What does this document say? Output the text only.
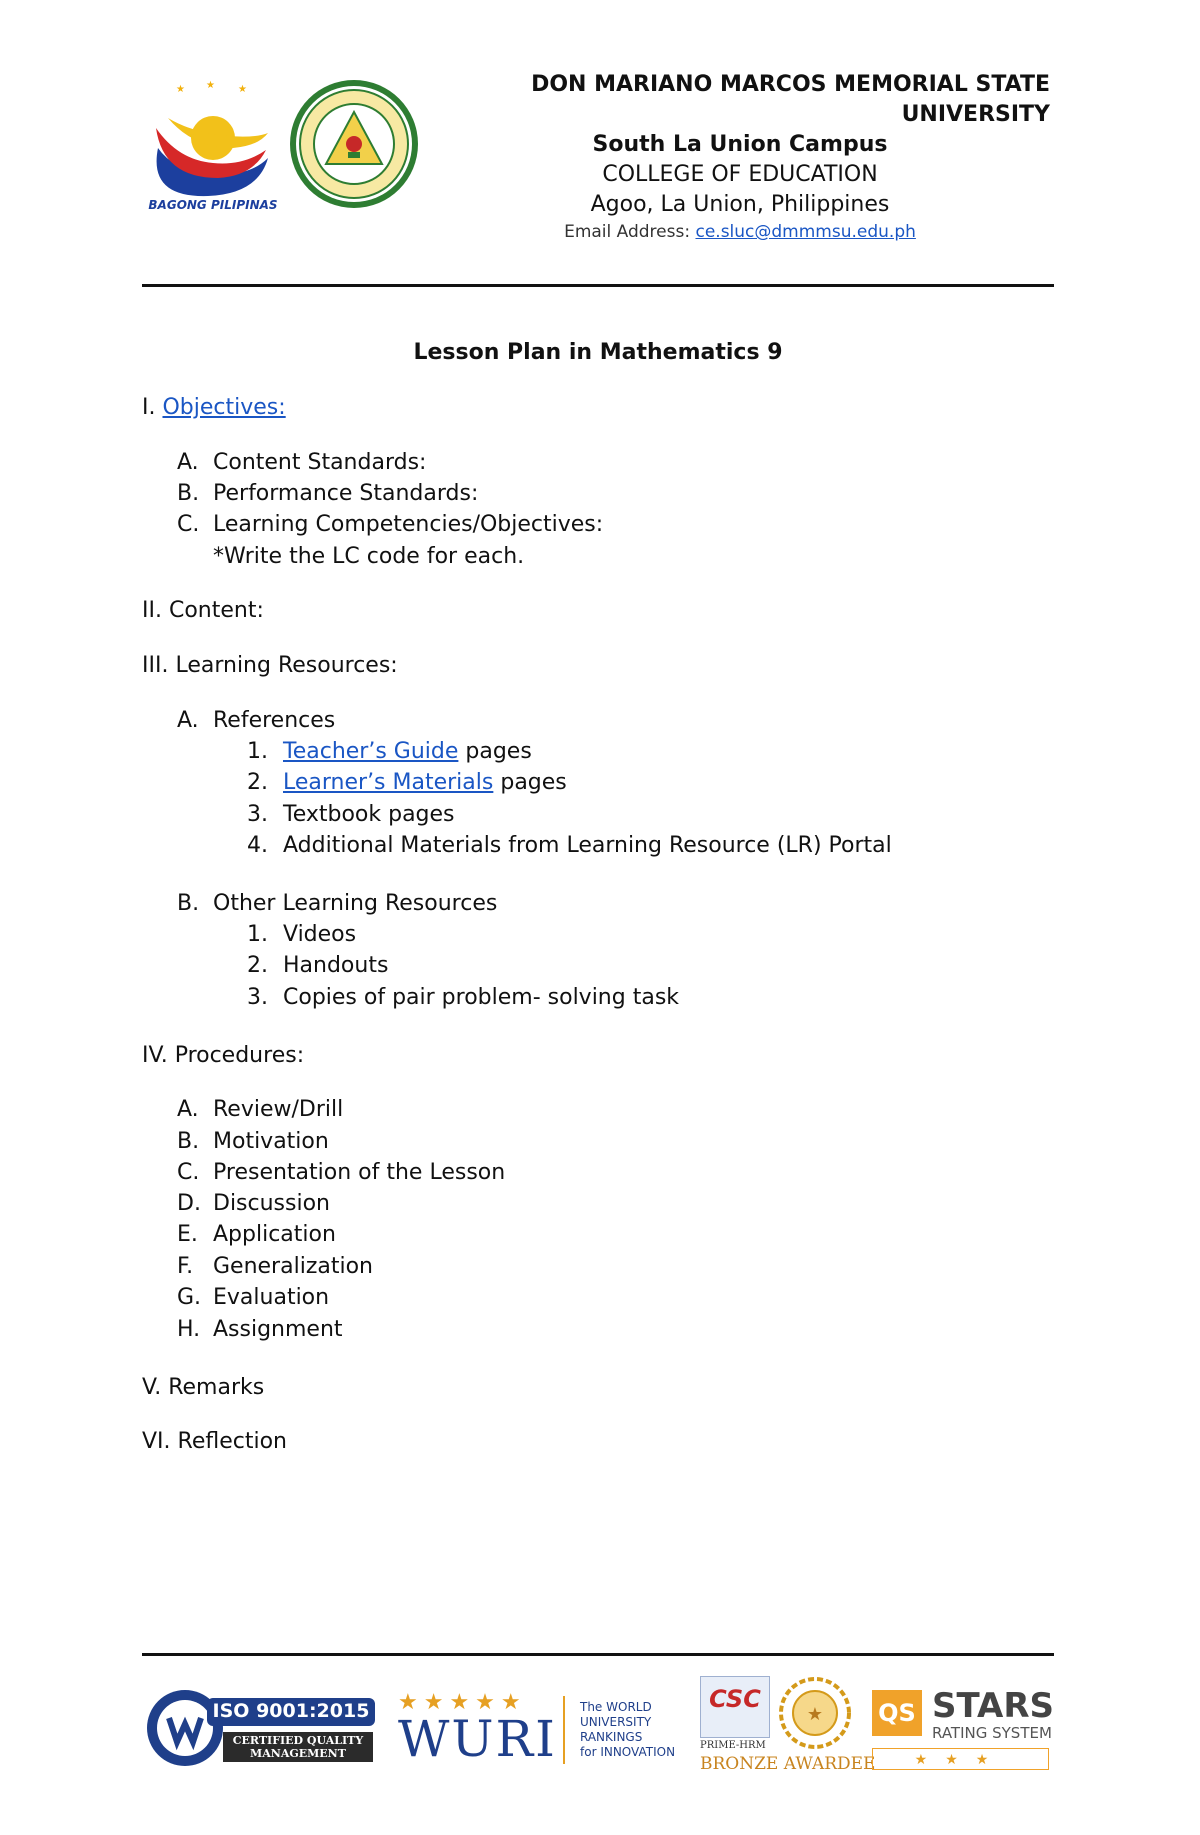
★ ★ ★
BAGONG PILIPINAS
DON MARIANO MARCOS MEMORIAL STATE UNIVERSITY
South La Union Campus
COLLEGE OF EDUCATION
Agoo, La Union, Philippines
Email Address: ce.sluc@dmmmsu.edu.ph
Lesson Plan in Mathematics 9
I. Objectives:
A. Content Standards:
B. Performance Standards:
C. Learning Competencies/Objectives:
*Write the LC code for each.
II. Content:
III. Learning Resources:
A. References
1. Teacher’s Guide pages
2. Learner’s Materials pages
3. Textbook pages
4. Additional Materials from Learning Resource (LR) Portal
B. Other Learning Resources
1. Videos
2. Handouts
3. Copies of pair problem- solving task
IV. Procedures:
A. Review/Drill
B. Motivation
C. Presentation of the Lesson
D. Discussion
E. Application
F. Generalization
G. Evaluation
H. Assignment
V. Remarks
VI. Reflection
ISO 9001:2015
CERTIFIED QUALITY
MANAGEMENT SYSTEM
★★★★★
WURI
The WORLD
UNIVERSITY
RANKINGS
for INNOVATION
CSC
PRIME-HRM
★
BRONZE AWARDEE
QS STARS
RATING SYSTEM
★★★
